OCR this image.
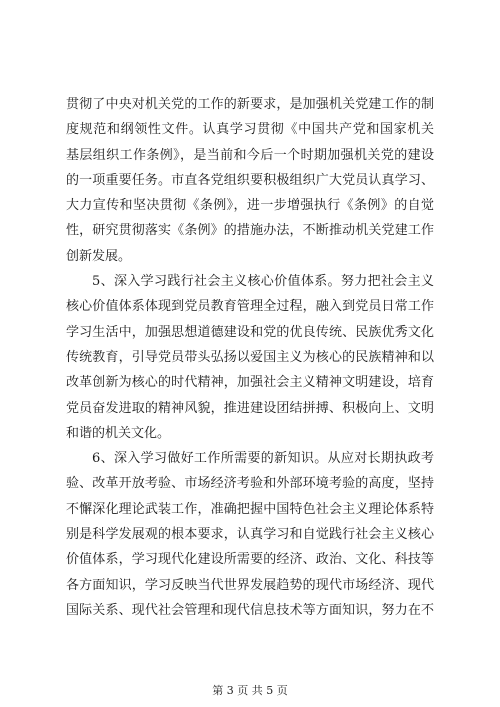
贯彻了中央对机关党的工作的新要求，是加强机关党建工作的制
度规范和纲领性文件。认真学习贯彻《中国共产党和国家机关
基层组织工作条例》，是当前和今后一个时期加强机关党的建设
的一项重要任务。市直各党组织要积极组织广大党员认真学习、
大力宣传和坚决贯彻《条例》，进一步增强执行《条例》的自觉
性，研究贯彻落实《条例》的措施办法，不断推动机关党建工作
创新发展。
5、深入学习践行社会主义核心价值体系。努力把社会主义
核心价值体系体现到党员教育管理全过程，融入到党员日常工作
学习生活中，加强思想道德建设和党的优良传统、民族优秀文化
传统教育，引导党员带头弘扬以爱国主义为核心的民族精神和以
改革创新为核心的时代精神，加强社会主义精神文明建设，培育
党员奋发进取的精神风貌，推进建设团结拼搏、积极向上、文明
和谐的机关文化。
6、深入学习做好工作所需要的新知识。从应对长期执政考
验、改革开放考验、市场经济考验和外部环境考验的高度，坚持
不懈深化理论武装工作，准确把握中国特色社会主义理论体系特
别是科学发展观的根本要求，认真学习和自觉践行社会主义核心
价值体系，学习现代化建设所需要的经济、政治、文化、科技等
各方面知识，学习反映当代世界发展趋势的现代市场经济、现代
国际关系、现代社会管理和现代信息技术等方面知识，努力在不
第 3 页 共 5 页
